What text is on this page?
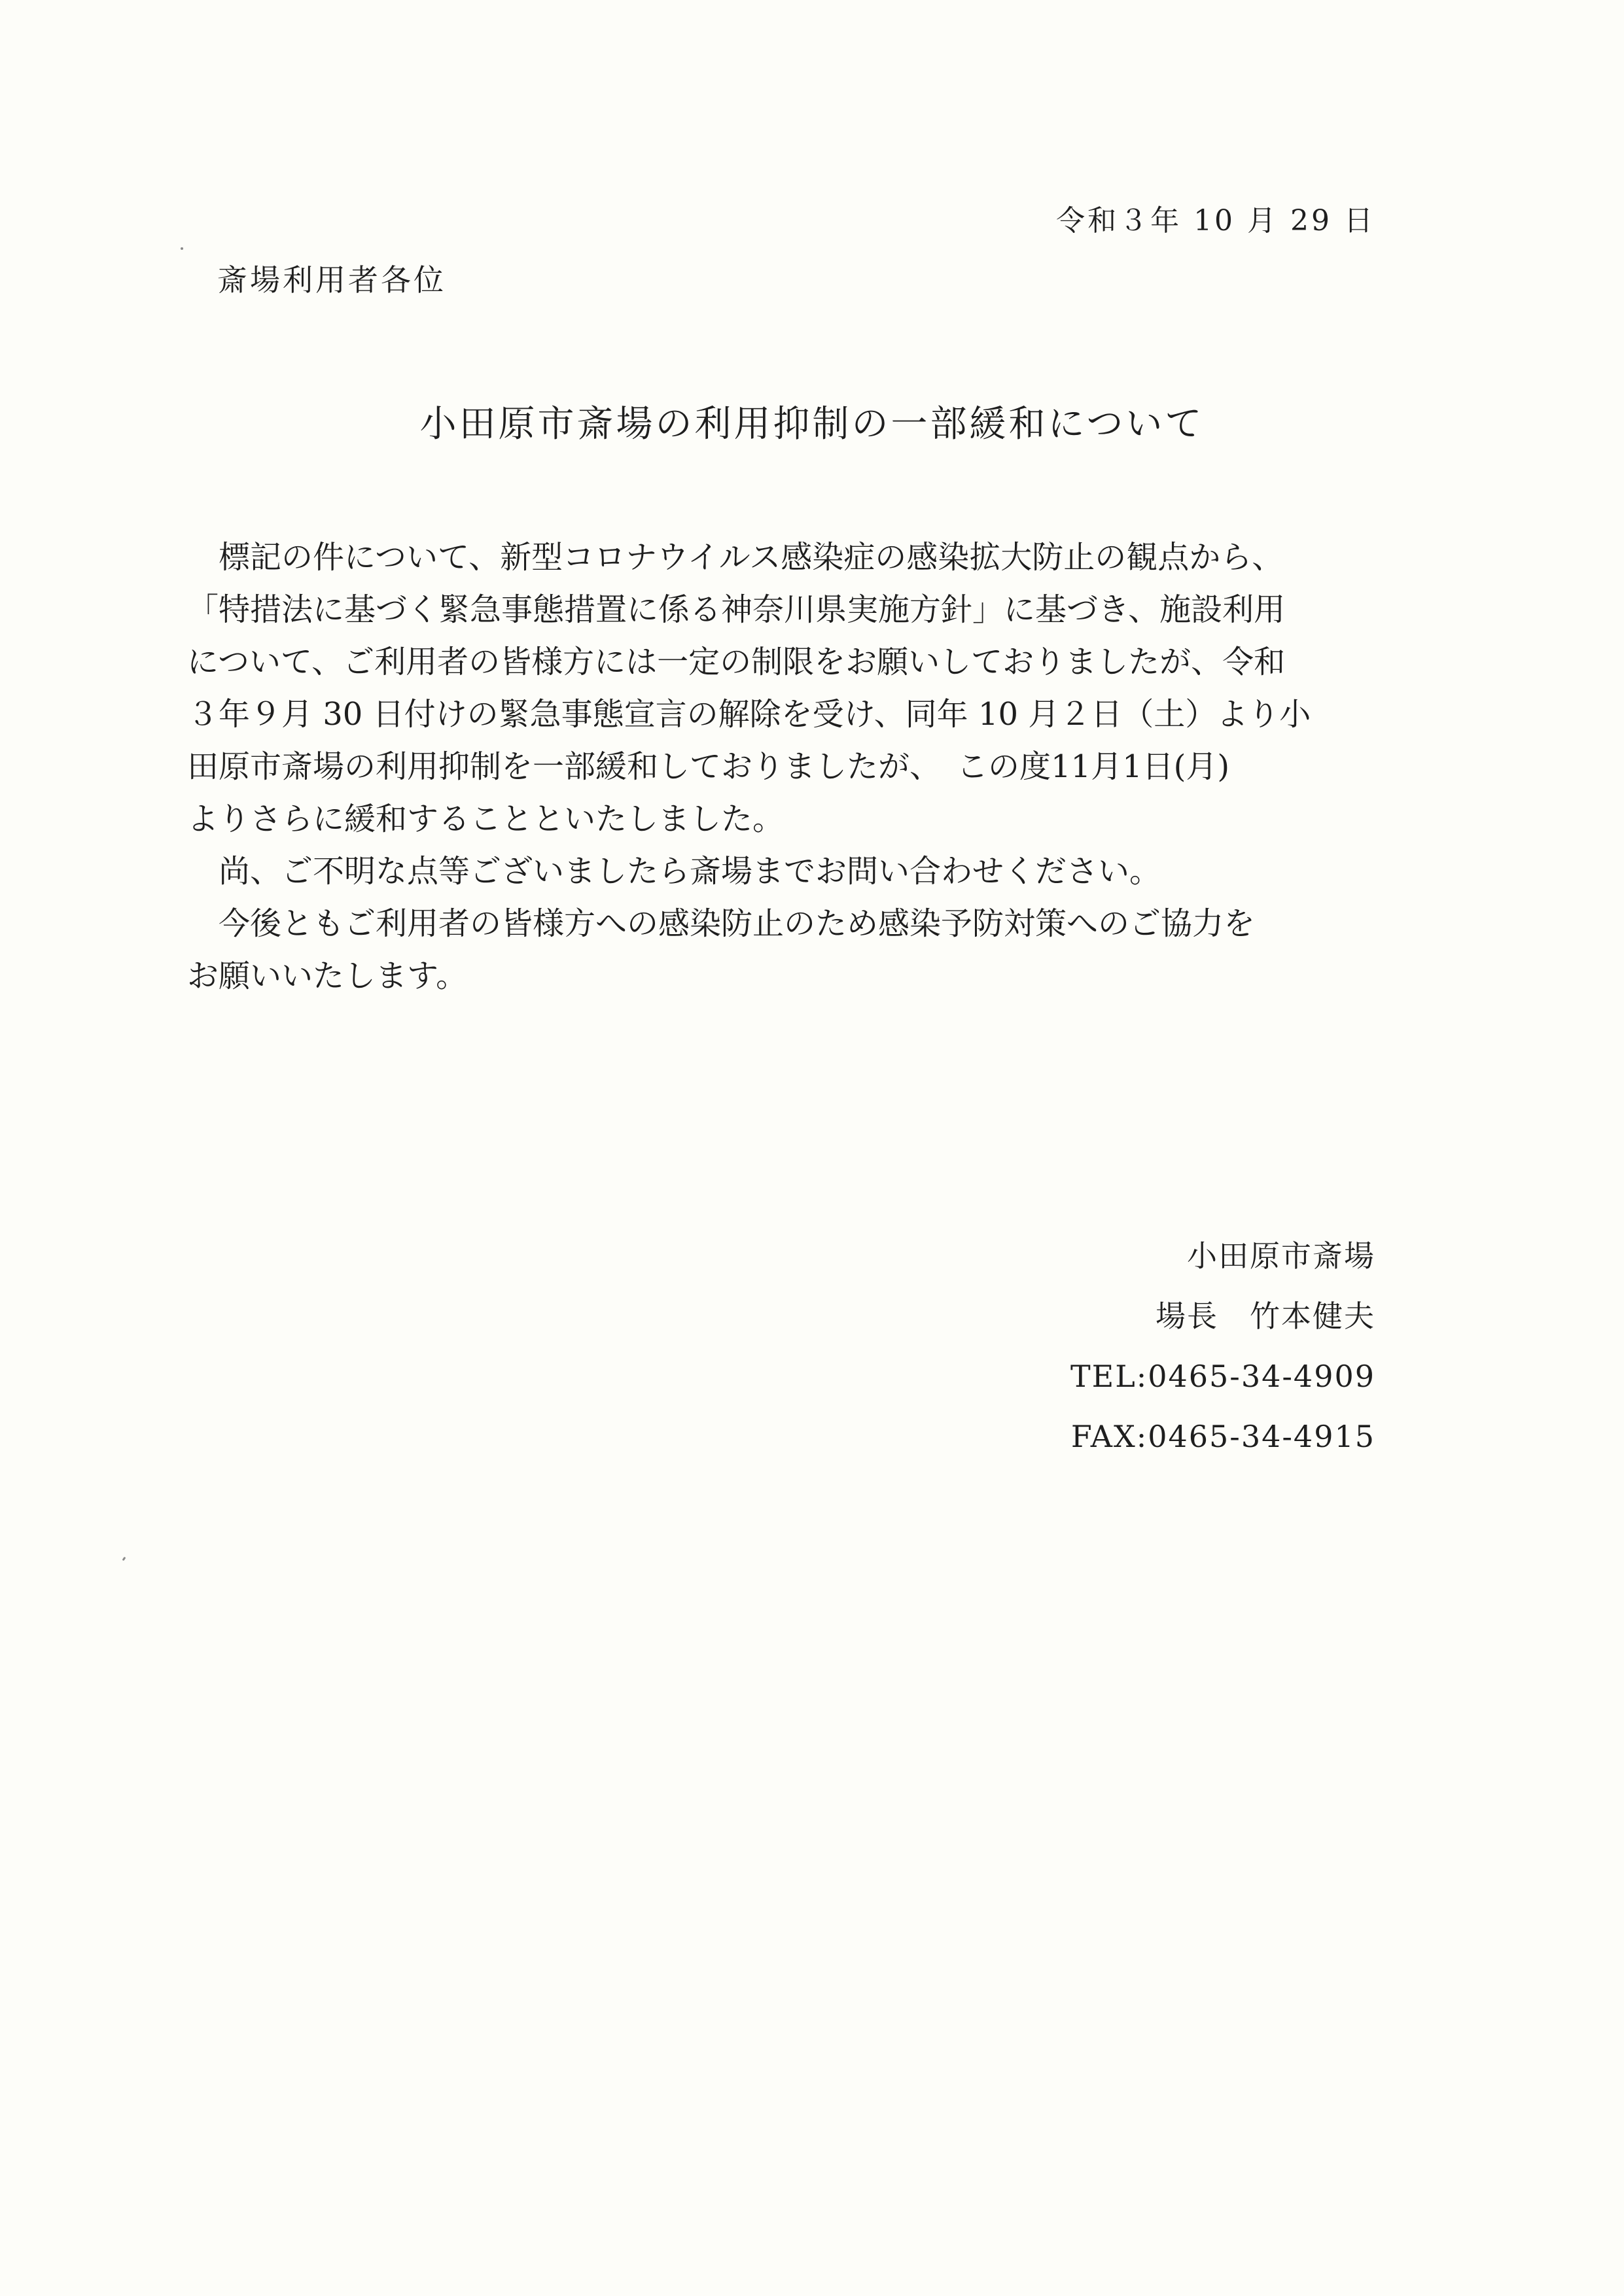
令和３年 10 月 29 日
斎場利用者各位
小田原市斎場の利用抑制の一部緩和について
　標記の件について、新型コロナウイルス感染症の感染拡大防止の観点から、
「特措法に基づく緊急事態措置に係る神奈川県実施方針」に基づき、施設利用
について、ご利用者の皆様方には一定の制限をお願いしておりましたが、令和
３年９月 30 日付けの緊急事態宣言の解除を受け、同年 10 月２日（土）より小
田原市斎場の利用抑制を一部緩和しておりましたが、　この度11月1日(月)
よりさらに緩和することといたしました。
　尚、ご不明な点等ございましたら斎場までお問い合わせください。
　今後ともご利用者の皆様方への感染防止のため感染予防対策へのご協力を
お願いいたします。
小田原市斎場
場長　竹本健夫
TEL:0465-34-4909
FAX:0465-34-4915
